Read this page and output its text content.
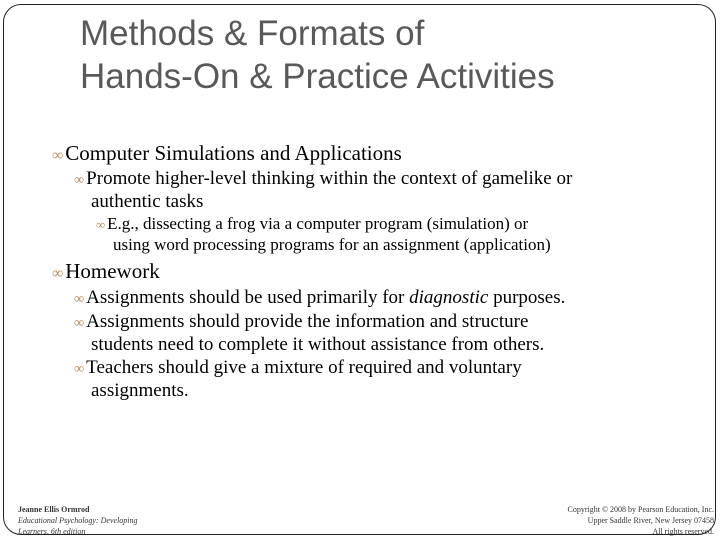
Methods & Formats of
Hands-On & Practice Activities
∞Computer Simulations and Applications
∞ Promote higher-level thinking within the context of gamelike or
authentic tasks
∞ E.g., dissecting a frog via a computer program (simulation) or
using word processing programs for an assignment (application)
∞Homework
∞ Assignments should be used primarily for diagnostic purposes.
∞ Assignments should provide the information and structure
students need to complete it without assistance from others.
∞ Teachers should give a mixture of required and voluntary
assignments.
Jeanne Ellis Ormrod
Educational Psychology: Developing
Learners, 6th edition
Copyright © 2008 by Pearson Education, Inc.
Upper Saddle River, New Jersey 07458
All rights reserved.
